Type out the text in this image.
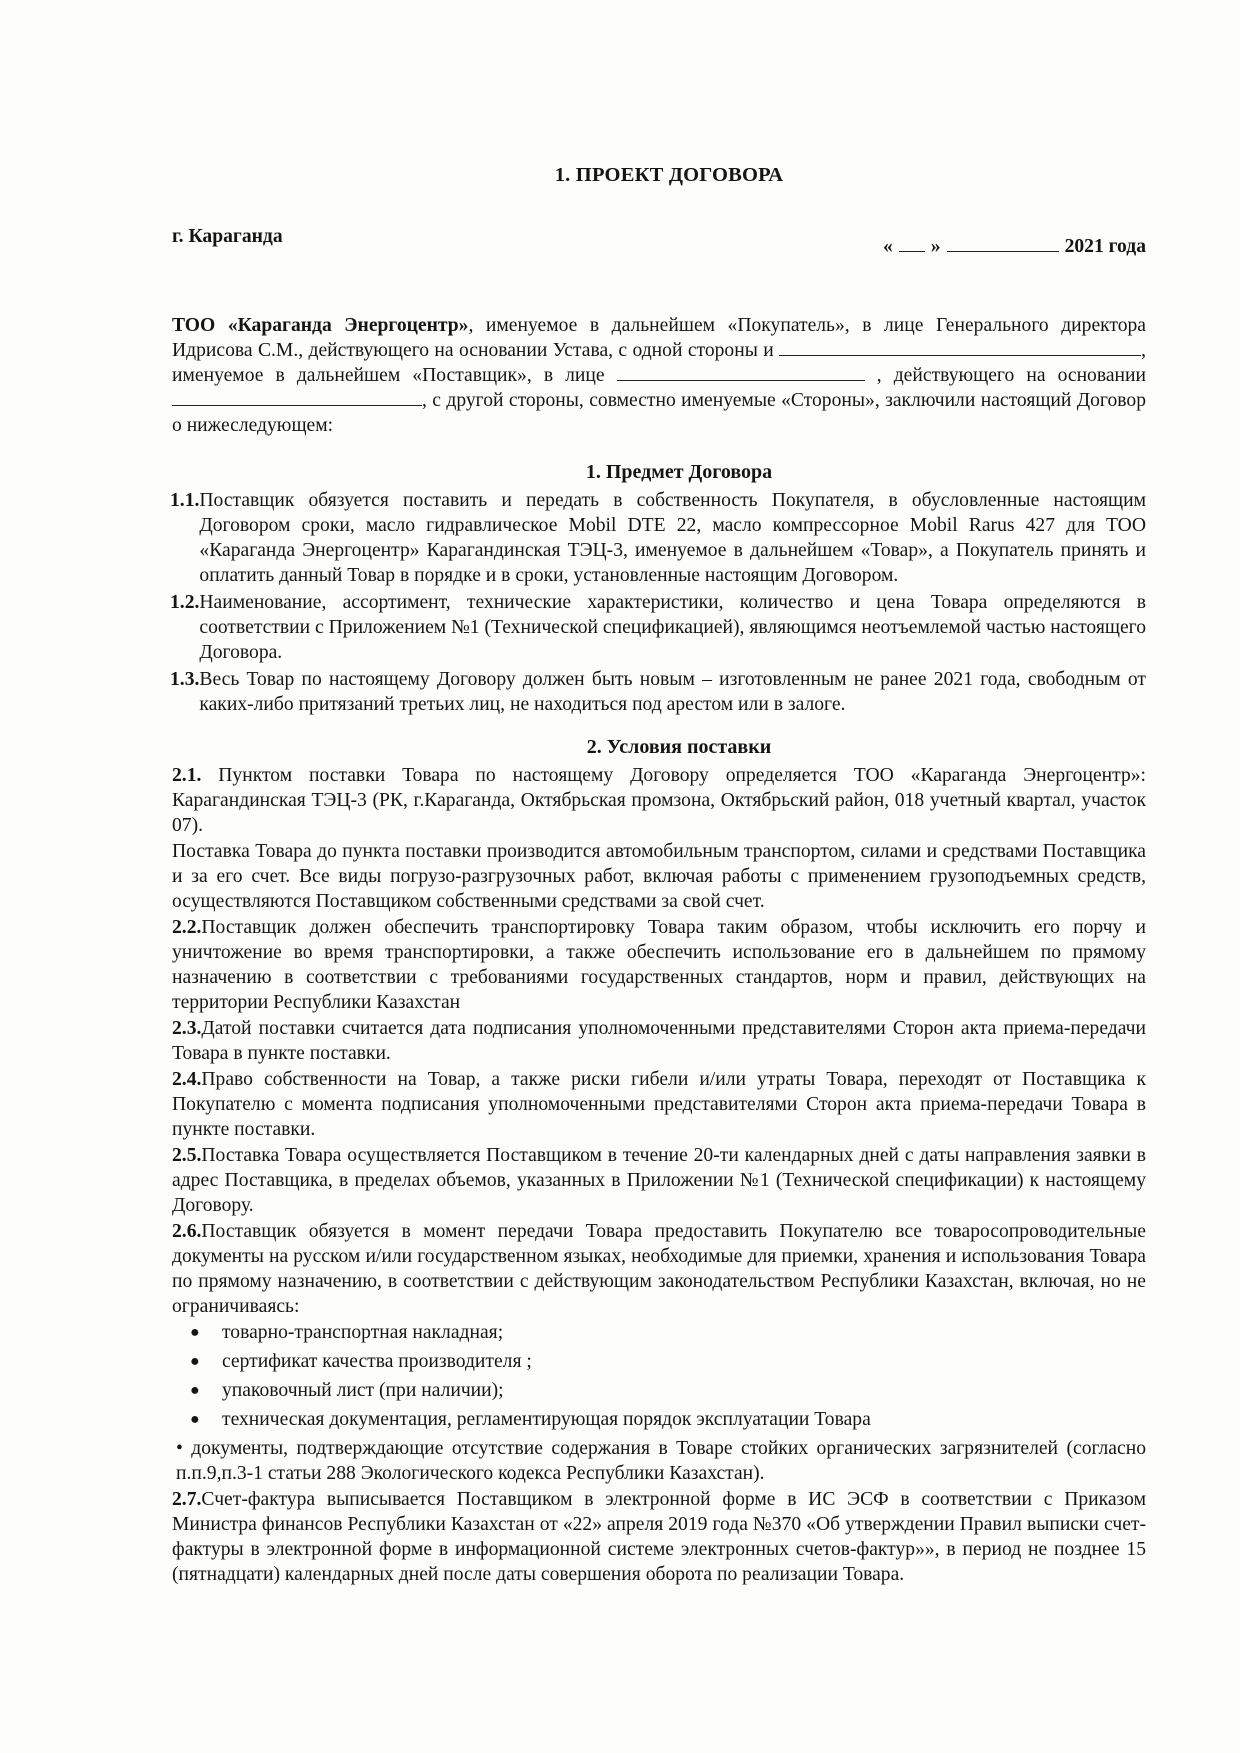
1. ПРОЕКТ ДОГОВОРА
г. Караганда	« »	2021 года

ТОО «Караганда Энергоцентр», именуемое в дальнейшем «Покупатель», в лице Генерального директора Идрисова С.М., действующего на основании Устава, с одной стороны и	, именуемое в дальнейшем «Поставщик», в лице	, действующего на основании , с другой стороны, совместно именуемые «Стороны», заключили настоящий Договор о нижеследующем:

1. Предмет Договора
1.1. Поставщик обязуется поставить и передать в собственность Покупателя, в обусловленные настоящим Договором сроки, масло гидравлическое Mobil DTE 22, масло компрессорное Mobil Rarus 427 для ТОО «Караганда Энергоцентр» Карагандинская ТЭЦ-3, именуемое в дальнейшем «Товар», а Покупатель принять и оплатить данный Товар в порядке и в сроки, установленные настоящим Договором.
1.2. Наименование, ассортимент, технические характеристики, количество и цена Товара определяются в соответствии с Приложением №1 (Технической спецификацией), являющимся неотъемлемой частью настоящего Договора.
1.3. Весь Товар по настоящему Договору должен быть новым – изготовленным не ранее 2021 года, свободным от каких-либо притязаний третьих лиц, не находиться под арестом или в залоге.
2. Условия поставки

2.1. Пунктом поставки Товара по настоящему Договору определяется ТОО «Караганда Энергоцентр»: Карагандинская ТЭЦ-3 (РК, г.Караганда, Октябрьская промзона, Октябрьский район, 018 учетный квартал, участок 07).

Поставка Товара до пункта поставки производится автомобильным транспортом, силами и средствами Поставщика и за его счет. Все виды погрузо-разгрузочных работ, включая работы с применением грузоподъемных средств, осуществляются Поставщиком собственными средствами за свой счет.

2.2.Поставщик должен обеспечить транспортировку Товара таким образом, чтобы исключить его порчу и уничтожение во время транспортировки, а также обеспечить использование его в дальнейшем по прямому назначению в соответствии с требованиями государственных стандартов, норм и правил, действующих на территории Республики Казахстан

2.3.Датой поставки считается дата подписания уполномоченными представителями Сторон акта приема-передачи Товара в пункте поставки.

2.4.Право собственности на Товар, а также риски гибели и/или утраты Товара, переходят от Поставщика к Покупателю с момента подписания уполномоченными представителями Сторон акта приема-передачи Товара в пункте поставки.

2.5.Поставка Товара осуществляется Поставщиком в течение 20-ти календарных дней с даты направления заявки в адрес Поставщика, в пределах объемов, указанных в Приложении №1 (Технической спецификации) к настоящему Договору.

2.6.Поставщик обязуется в момент передачи Товара предоставить Покупателю все товаросопроводительные документы на русском и/или государственном языках, необходимые для приемки, хранения и использования Товара по прямому назначению, в соответствии с действующим законодательством Республики Казахстан, включая, но не ограничиваясь:

●	товарно-транспортная накладная;
●	сертификат качества производителя ;
●	упаковочный лист (при наличии);
●	техническая документация, регламентирующая порядок эксплуатации Товара

• документы, подтверждающие отсутствие содержания в Товаре стойких органических загрязнителей (согласно п.п.9,п.3-1 статьи 288 Экологического кодекса Республики Казахстан).

2.7.Счет-фактура выписывается Поставщиком в электронной форме в ИС ЭСФ в соответствии с Приказом Министра финансов Республики Казахстан от «22» апреля 2019 года №370 «Об утверждении Правил выписки счет-фактуры в электронной форме в информационной системе электронных счетов-фактур»», в период не позднее 15 (пятнадцати) календарных дней после даты совершения оборота по реализации Товара.
